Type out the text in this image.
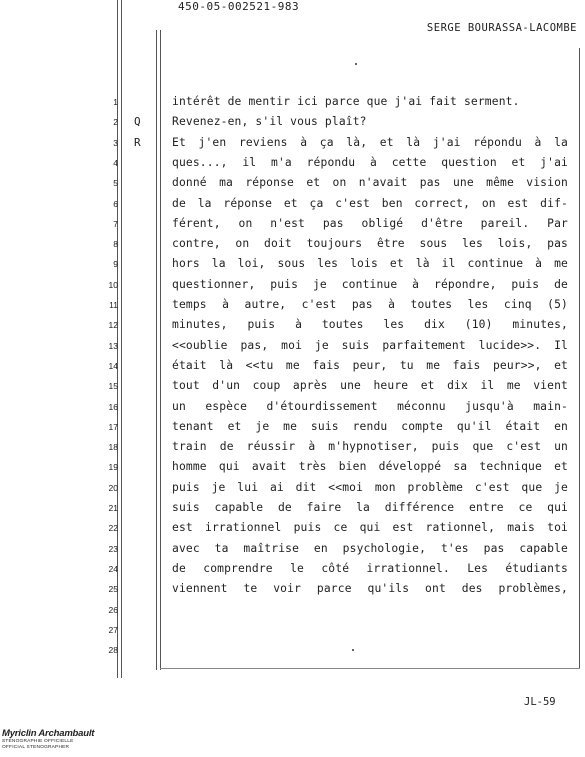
450-05-002521-983
SERGE BOURASSA-LACOMBE
1	intérêt de mentir ici parce que j'ai fait serment.
2 Q	Revenez-en, s'il vous plaît?
3 R	Et j'en reviens à ça là, et là j'ai répondu à la
4	ques..., il m'a répondu à cette question et j'ai
5	donné ma réponse et on n'avait pas une même vision
6	de la réponse et ça c'est ben correct, on est dif-
7	férent, on n'est pas obligé d'être pareil. Par
8	contre, on doit toujours être sous les lois, pas
9	hors la loi, sous les lois et là il continue à me
10	questionner, puis je continue à répondre, puis de
11	temps à autre, c'est pas à toutes les cinq (5)
12	minutes, puis à toutes les dix (10) minutes,
13	<<oublie pas, moi je suis parfaitement lucide>>. Il
14	était là <<tu me fais peur, tu me fais peur>>, et
15	tout d'un coup après une heure et dix il me vient
16	un espèce d'étourdissement méconnu jusqu'à main-
17	tenant et je me suis rendu compte qu'il était en
18	train de réussir à m'hypnotiser, puis que c'est un
19	homme qui avait très bien développé sa technique et
20	puis je lui ai dit <<moi mon problème c'est que je
21	suis capable de faire la différence entre ce qui
22	est irrationnel puis ce qui est rationnel, mais toi
23	avec ta maîtrise en psychologie, t'es pas capable
24	de comprendre le côté irrationnel. Les étudiants
25	viennent te voir parce qu'ils ont des problèmes,
26
27
28
JL-59
Myriclin Archambault
STÉNOGRAPHIE OFFICIELLE
OFFICIAL STENOGRAPHER
